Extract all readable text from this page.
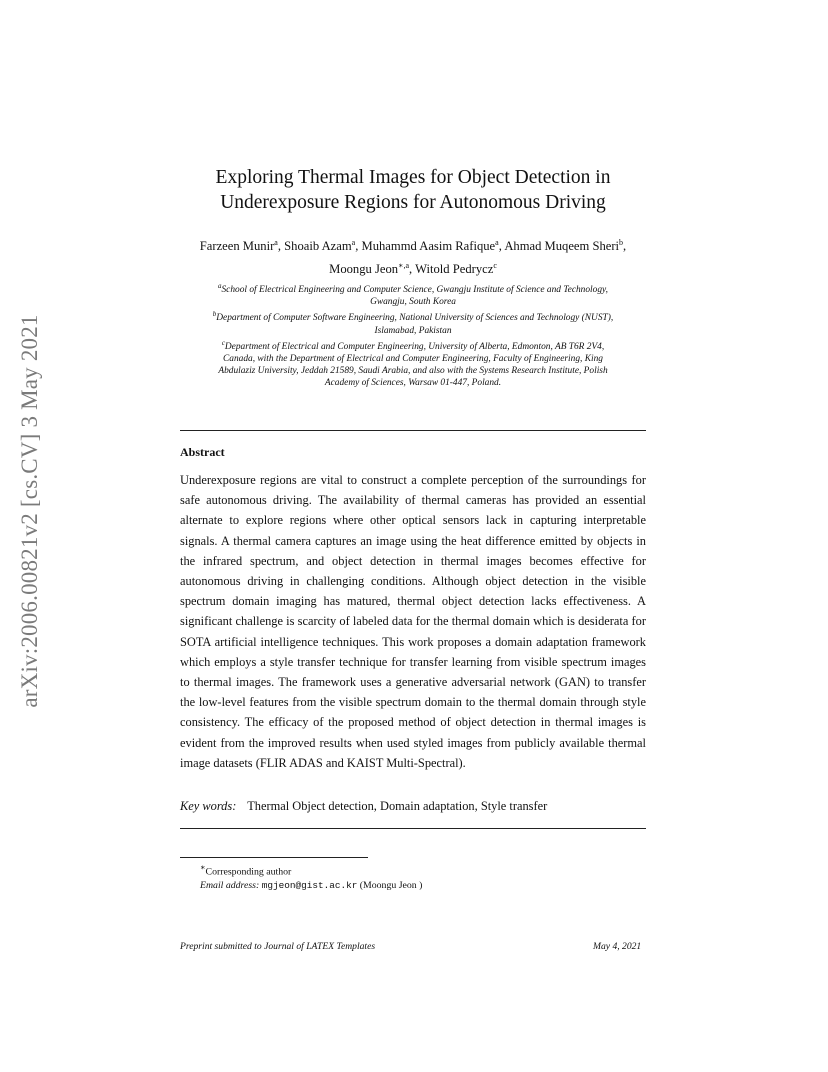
arXiv:2006.00821v2 [cs.CV] 3 May 2021
Exploring Thermal Images for Object Detection in
Underexposure Regions for Autonomous Driving
Farzeen Munir$^a$, Shoaib Azam$^a$, Muhammd Aasim Rafique$^a$, Ahmad Muqeem Sheri$^b$,
Moongu Jeon$^{∗,a}$, Witold Pedrycz$^c$
$^a$School of Electrical Engineering and Computer Science, Gwangju Institute of Science and Technology,
Gwangju, South Korea
$^b$Department of Computer Software Engineering, National University of Sciences and Technology (NUST),
Islamabad, Pakistan
$^c$Department of Electrical and Computer Engineering, University of Alberta, Edmonton, AB T6R 2V4,
Canada, with the Department of Electrical and Computer Engineering, Faculty of Engineering, King
Abdulaziz University, Jeddah 21589, Saudi Arabia, and also with the Systems Research Institute, Polish
Academy of Sciences, Warsaw 01-447, Poland.
Abstract
Underexposure regions are vital to construct a complete perception of the surroundings for safe autonomous driving. The availability of thermal cameras has provided an essential alternate to explore regions where other optical sensors lack in capturing interpretable signals. A thermal camera captures an image using the heat difference emitted by objects in the infrared spectrum, and object detection in thermal images becomes effective for autonomous driving in challenging conditions. Although object detection in the visible spectrum domain imaging has matured, thermal object detection lacks effectiveness. A significant challenge is scarcity of labeled data for the thermal domain which is desiderata for SOTA artificial intelligence techniques. This work proposes a domain adaptation framework which employs a style transfer technique for transfer learning from visible spectrum images to thermal images. The framework uses a generative adversarial network (GAN) to transfer the low-level features from the visible spectrum domain to the thermal domain through style consistency. The efficacy of the proposed method of object detection in thermal images is evident from the improved results when used styled images from publicly available thermal image datasets (FLIR ADAS and KAIST Multi-Spectral).
Key words: Thermal Object detection, Domain adaptation, Style transfer
∗Corresponding author
Email address: mgjeon@gist.ac.kr (Moongu Jeon )
Preprint submitted to Journal of LATEX Templates	May 4, 2021
